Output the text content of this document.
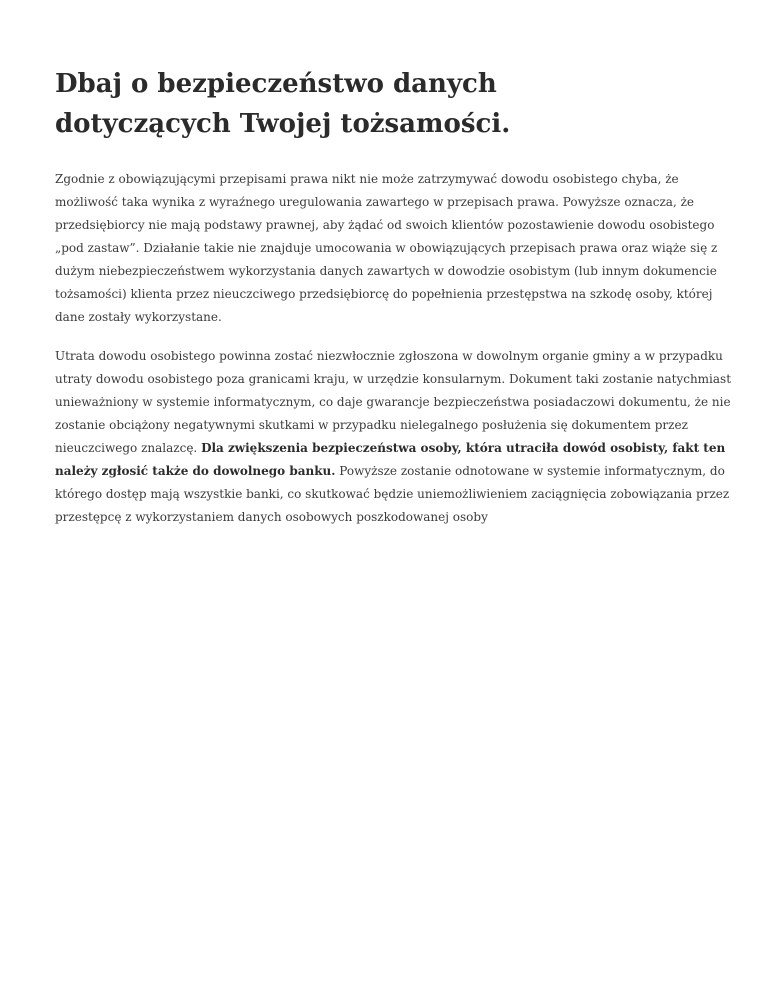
Dbaj o bezpieczeństwo danych
dotyczących Twojej tożsamości.

Zgodnie z obowiązującymi przepisami prawa nikt nie może zatrzymywać dowodu osobistego chyba, że
możliwość taka wynika z wyraźnego uregulowania zawartego w przepisach prawa. Powyższe oznacza, że
przedsiębiorcy nie mają podstawy prawnej, aby żądać od swoich klientów pozostawienie dowodu osobistego
„pod zastaw”. Działanie takie nie znajduje umocowania w obowiązujących przepisach prawa oraz wiąże się z
dużym niebezpieczeństwem wykorzystania danych zawartych w dowodzie osobistym (lub innym dokumencie
tożsamości) klienta przez nieuczciwego przedsiębiorcę do popełnienia przestępstwa na szkodę osoby, której
dane zostały wykorzystane.

Utrata dowodu osobistego powinna zostać niezwłocznie zgłoszona w dowolnym organie gminy a w przypadku
utraty dowodu osobistego poza granicami kraju, w urzędzie konsularnym. Dokument taki zostanie natychmiast
unieważniony w systemie informatycznym, co daje gwarancje bezpieczeństwa posiadaczowi dokumentu, że nie
zostanie obciążony negatywnymi skutkami w przypadku nielegalnego posłużenia się dokumentem przez
nieuczciwego znalazcę. Dla zwiększenia bezpieczeństwa osoby, która utraciła dowód osobisty, fakt ten
należy zgłosić także do dowolnego banku. Powyższe zostanie odnotowane w systemie informatycznym, do
którego dostęp mają wszystkie banki, co skutkować będzie uniemożliwieniem zaciągnięcia zobowiązania przez
przestępcę z wykorzystaniem danych osobowych poszkodowanej osoby
